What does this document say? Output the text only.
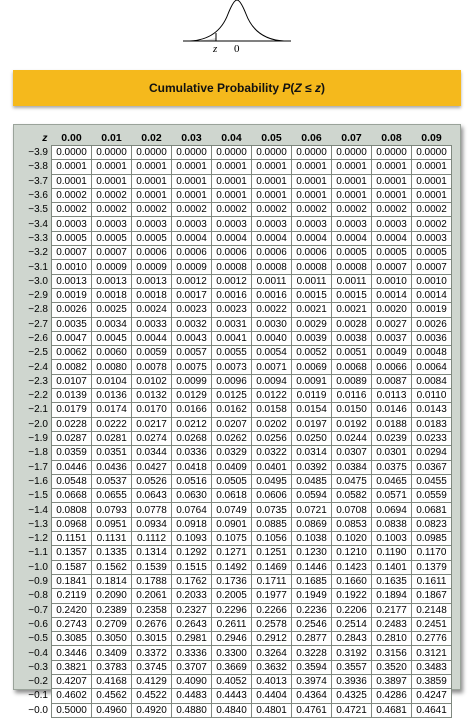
z 0
Cumulative Probability P(Z ≤ z)
z	0.00	0.01	0.02	0.03	0.04	0.05	0.06	0.07	0.08	0.09
−3.9	0.0000	0.0000	0.0000	0.0000	0.0000	0.0000	0.0000	0.0000	0.0000	0.0000
−3.8	0.0001	0.0001	0.0001	0.0001	0.0001	0.0001	0.0001	0.0001	0.0001	0.0001
−3.7	0.0001	0.0001	0.0001	0.0001	0.0001	0.0001	0.0001	0.0001	0.0001	0.0001
−3.6	0.0002	0.0002	0.0001	0.0001	0.0001	0.0001	0.0001	0.0001	0.0001	0.0001
−3.5	0.0002	0.0002	0.0002	0.0002	0.0002	0.0002	0.0002	0.0002	0.0002	0.0002
−3.4	0.0003	0.0003	0.0003	0.0003	0.0003	0.0003	0.0003	0.0003	0.0003	0.0002
−3.3	0.0005	0.0005	0.0005	0.0004	0.0004	0.0004	0.0004	0.0004	0.0004	0.0003
−3.2	0.0007	0.0007	0.0006	0.0006	0.0006	0.0006	0.0006	0.0005	0.0005	0.0005
−3.1	0.0010	0.0009	0.0009	0.0009	0.0008	0.0008	0.0008	0.0008	0.0007	0.0007
−3.0	0.0013	0.0013	0.0013	0.0012	0.0012	0.0011	0.0011	0.0011	0.0010	0.0010
−2.9	0.0019	0.0018	0.0018	0.0017	0.0016	0.0016	0.0015	0.0015	0.0014	0.0014
−2.8	0.0026	0.0025	0.0024	0.0023	0.0023	0.0022	0.0021	0.0021	0.0020	0.0019
−2.7	0.0035	0.0034	0.0033	0.0032	0.0031	0.0030	0.0029	0.0028	0.0027	0.0026
−2.6	0.0047	0.0045	0.0044	0.0043	0.0041	0.0040	0.0039	0.0038	0.0037	0.0036
−2.5	0.0062	0.0060	0.0059	0.0057	0.0055	0.0054	0.0052	0.0051	0.0049	0.0048
−2.4	0.0082	0.0080	0.0078	0.0075	0.0073	0.0071	0.0069	0.0068	0.0066	0.0064
−2.3	0.0107	0.0104	0.0102	0.0099	0.0096	0.0094	0.0091	0.0089	0.0087	0.0084
−2.2	0.0139	0.0136	0.0132	0.0129	0.0125	0.0122	0.0119	0.0116	0.0113	0.0110
−2.1	0.0179	0.0174	0.0170	0.0166	0.0162	0.0158	0.0154	0.0150	0.0146	0.0143
−2.0	0.0228	0.0222	0.0217	0.0212	0.0207	0.0202	0.0197	0.0192	0.0188	0.0183
−1.9	0.0287	0.0281	0.0274	0.0268	0.0262	0.0256	0.0250	0.0244	0.0239	0.0233
−1.8	0.0359	0.0351	0.0344	0.0336	0.0329	0.0322	0.0314	0.0307	0.0301	0.0294
−1.7	0.0446	0.0436	0.0427	0.0418	0.0409	0.0401	0.0392	0.0384	0.0375	0.0367
−1.6	0.0548	0.0537	0.0526	0.0516	0.0505	0.0495	0.0485	0.0475	0.0465	0.0455
−1.5	0.0668	0.0655	0.0643	0.0630	0.0618	0.0606	0.0594	0.0582	0.0571	0.0559
−1.4	0.0808	0.0793	0.0778	0.0764	0.0749	0.0735	0.0721	0.0708	0.0694	0.0681
−1.3	0.0968	0.0951	0.0934	0.0918	0.0901	0.0885	0.0869	0.0853	0.0838	0.0823
−1.2	0.1151	0.1131	0.1112	0.1093	0.1075	0.1056	0.1038	0.1020	0.1003	0.0985
−1.1	0.1357	0.1335	0.1314	0.1292	0.1271	0.1251	0.1230	0.1210	0.1190	0.1170
−1.0	0.1587	0.1562	0.1539	0.1515	0.1492	0.1469	0.1446	0.1423	0.1401	0.1379
−0.9	0.1841	0.1814	0.1788	0.1762	0.1736	0.1711	0.1685	0.1660	0.1635	0.1611
−0.8	0.2119	0.2090	0.2061	0.2033	0.2005	0.1977	0.1949	0.1922	0.1894	0.1867
−0.7	0.2420	0.2389	0.2358	0.2327	0.2296	0.2266	0.2236	0.2206	0.2177	0.2148
−0.6	0.2743	0.2709	0.2676	0.2643	0.2611	0.2578	0.2546	0.2514	0.2483	0.2451
−0.5	0.3085	0.3050	0.3015	0.2981	0.2946	0.2912	0.2877	0.2843	0.2810	0.2776
−0.4	0.3446	0.3409	0.3372	0.3336	0.3300	0.3264	0.3228	0.3192	0.3156	0.3121
−0.3	0.3821	0.3783	0.3745	0.3707	0.3669	0.3632	0.3594	0.3557	0.3520	0.3483
−0.2	0.4207	0.4168	0.4129	0.4090	0.4052	0.4013	0.3974	0.3936	0.3897	0.3859
−0.1	0.4602	0.4562	0.4522	0.4483	0.4443	0.4404	0.4364	0.4325	0.4286	0.4247
−0.0	0.5000	0.4960	0.4920	0.4880	0.4840	0.4801	0.4761	0.4721	0.4681	0.4641
